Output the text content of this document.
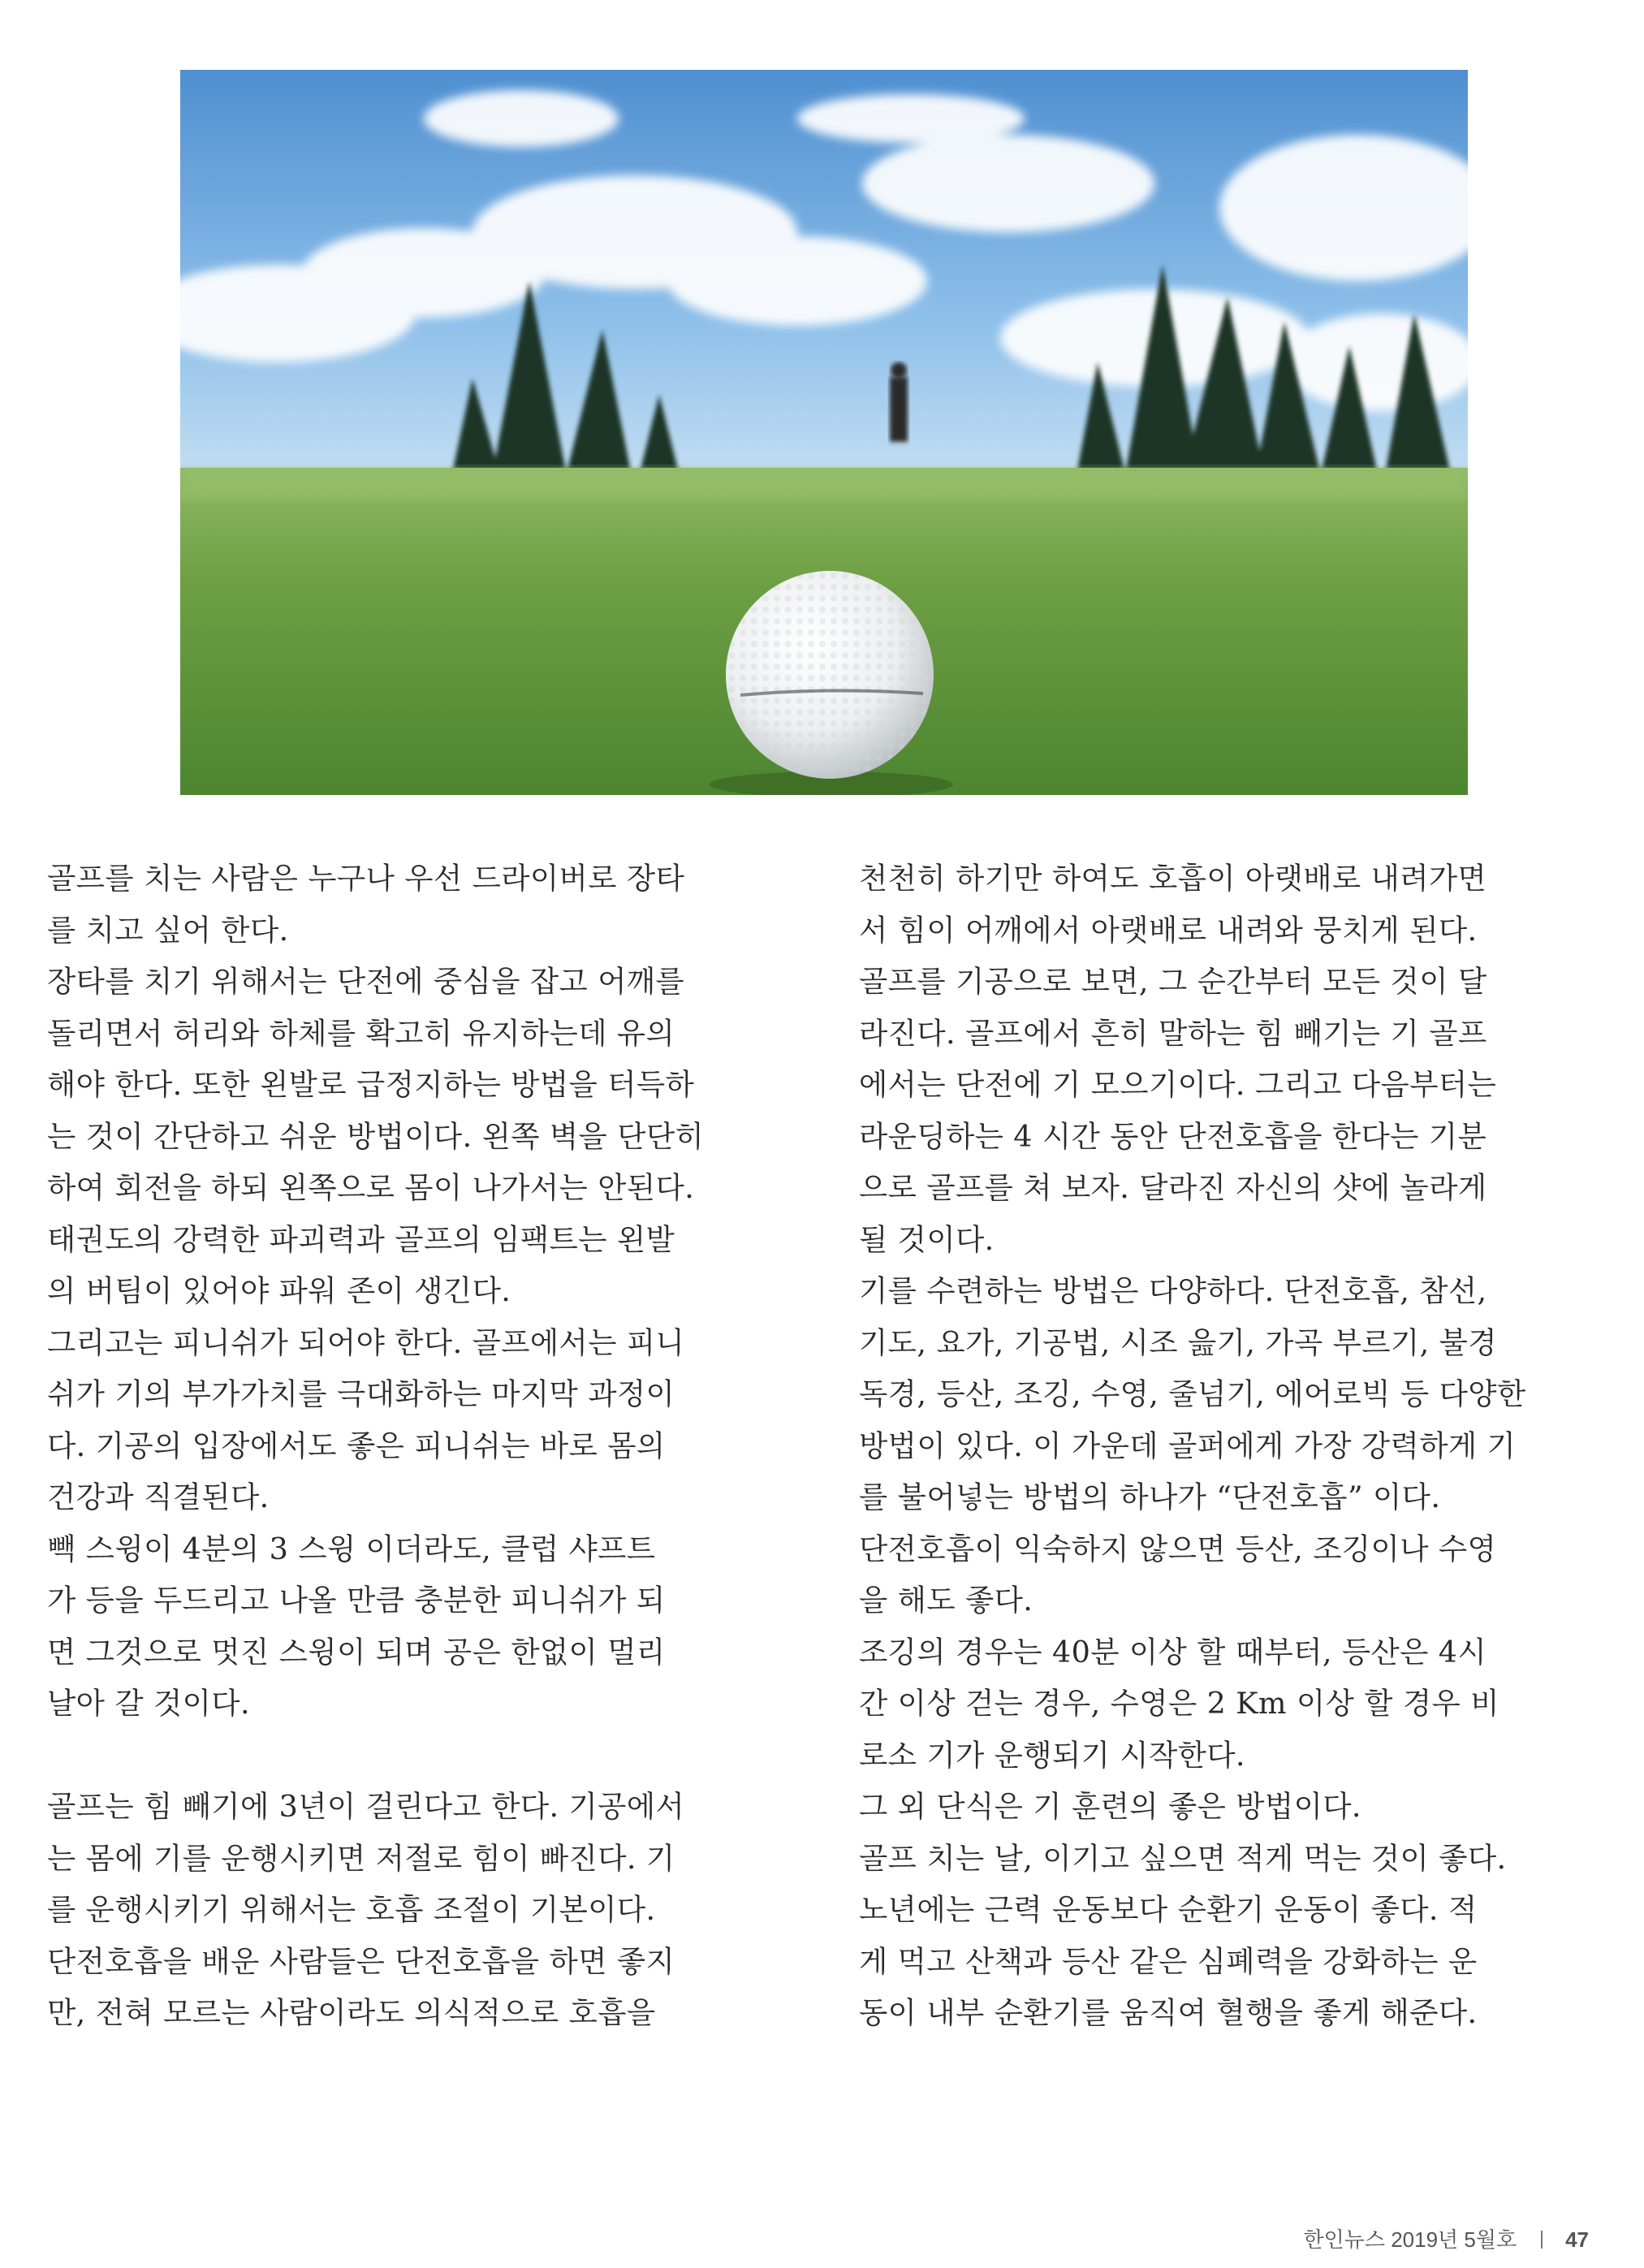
골프를 치는 사람은 누구나 우선 드라이버로 장타
를 치고 싶어 한다.
장타를 치기 위해서는 단전에 중심을 잡고 어깨를
돌리면서 허리와 하체를 확고히 유지하는데 유의
해야 한다. 또한 왼발로 급정지하는 방법을 터득하
는 것이 간단하고 쉬운 방법이다. 왼쪽 벽을 단단히
하여 회전을 하되 왼쪽으로 몸이 나가서는 안된다.
태권도의 강력한 파괴력과 골프의 임팩트는 왼발
의 버팀이 있어야 파워 존이 생긴다.
그리고는 피니쉬가 되어야 한다. 골프에서는 피니
쉬가 기의 부가가치를 극대화하는 마지막 과정이
다. 기공의 입장에서도 좋은 피니쉬는 바로 몸의
건강과 직결된다.
빽 스윙이 4분의 3 스윙 이더라도, 클럽 샤프트
가 등을 두드리고 나올 만큼 충분한 피니쉬가 되
면 그것으로 멋진 스윙이 되며 공은 한없이 멀리
날아 갈 것이다.
골프는 힘 빼기에 3년이 걸린다고 한다. 기공에서
는 몸에 기를 운행시키면 저절로 힘이 빠진다. 기
를 운행시키기 위해서는 호흡 조절이 기본이다.
단전호흡을 배운 사람들은 단전호흡을 하면 좋지
만, 전혀 모르는 사람이라도 의식적으로 호흡을
천천히 하기만 하여도 호흡이 아랫배로 내려가면
서 힘이 어깨에서 아랫배로 내려와 뭉치게 된다.
골프를 기공으로 보면, 그 순간부터 모든 것이 달
라진다. 골프에서 흔히 말하는 힘 빼기는 기 골프
에서는 단전에 기 모으기이다. 그리고 다음부터는
라운딩하는 4 시간 동안 단전호흡을 한다는 기분
으로 골프를 쳐 보자. 달라진 자신의 샷에 놀라게
될 것이다.
기를 수련하는 방법은 다양하다. 단전호흡, 참선,
기도, 요가, 기공법, 시조 읊기, 가곡 부르기, 불경
독경, 등산, 조깅, 수영, 줄넘기, 에어로빅 등 다양한
방법이 있다. 이 가운데 골퍼에게 가장 강력하게 기
를 불어넣는 방법의 하나가 “단전호흡” 이다.
단전호흡이 익숙하지 않으면 등산, 조깅이나 수영
을 해도 좋다.
조깅의 경우는 40분 이상 할 때부터, 등산은 4시
간 이상 걷는 경우, 수영은 2 Km 이상 할 경우 비
로소 기가 운행되기 시작한다.
그 외 단식은 기 훈련의 좋은 방법이다.
골프 치는 날, 이기고 싶으면 적게 먹는 것이 좋다.
노년에는 근력 운동보다 순환기 운동이 좋다. 적
게 먹고 산책과 등산 같은 심폐력을 강화하는 운
동이 내부 순환기를 움직여 혈행을 좋게 해준다.
한인뉴스 2019년 5월호 47
